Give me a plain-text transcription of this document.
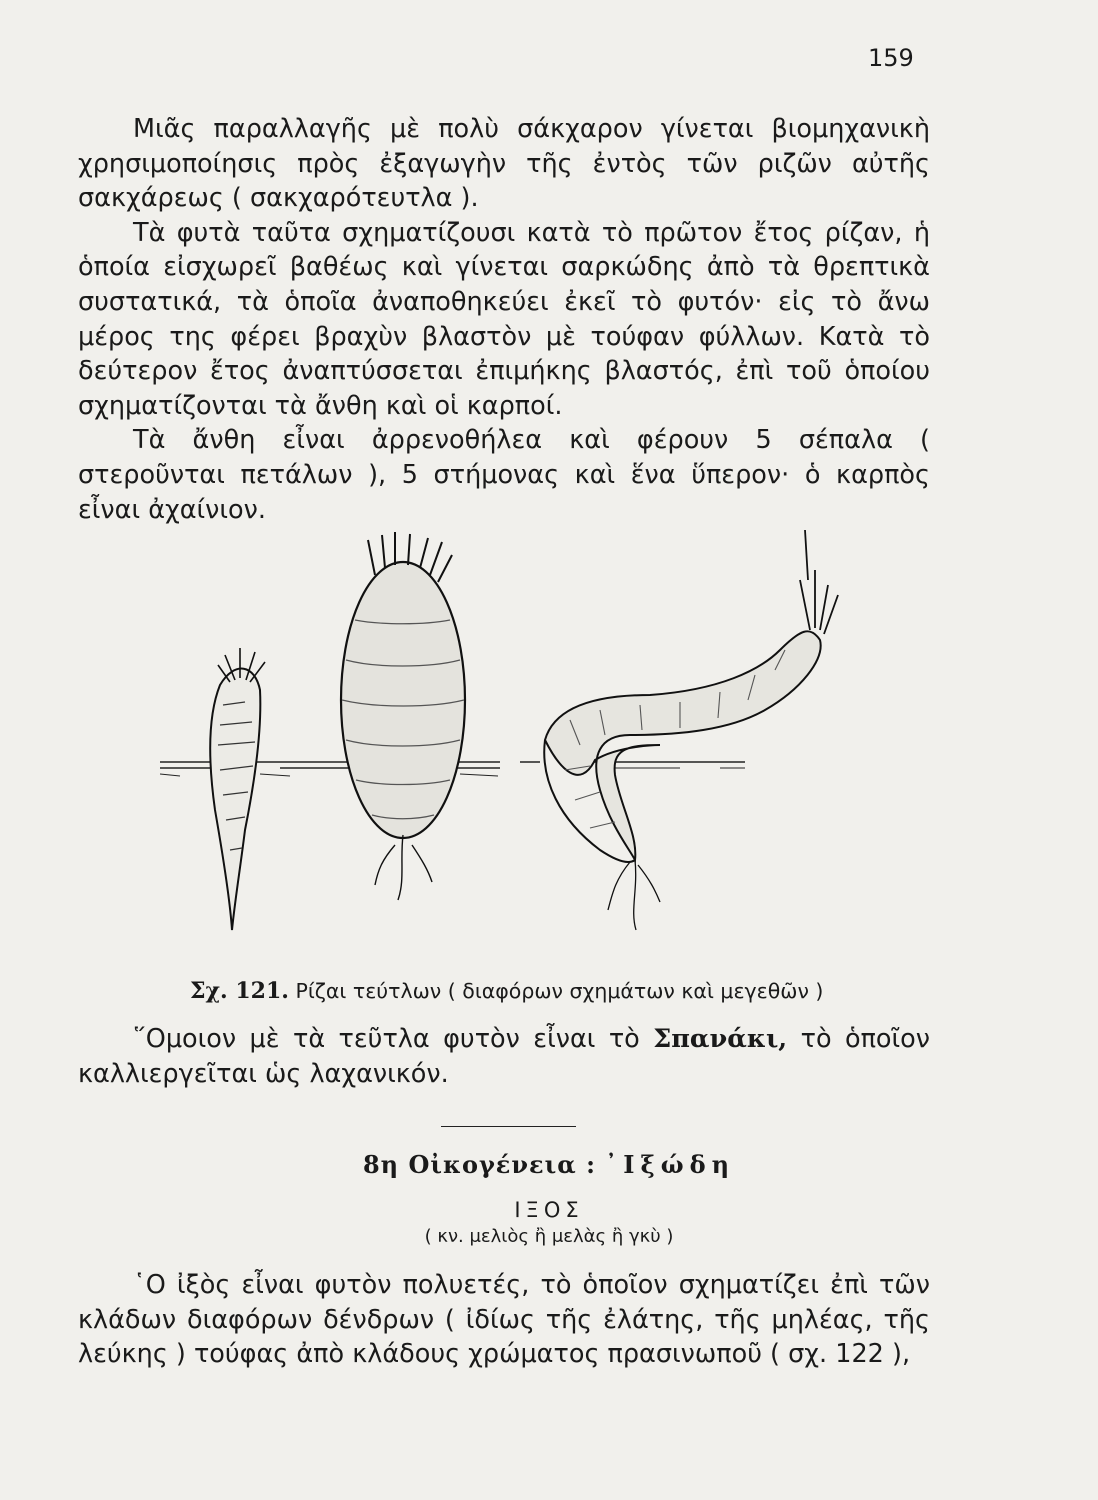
159

Μιᾶς παραλλαγῆς μὲ πολὺ σάκχαρον γίνεται βιομηχανικὴ χρησιμοποίησις πρὸς ἐξαγωγὴν τῆς ἐντὸς τῶν ριζῶν αὐτῆς σακχάρεως ( σακχαρότευτλα ).

Τὰ φυτὰ ταῦτα σχηματίζουσι κατὰ τὸ πρῶτον ἔτος ρίζαν, ἡ ὁποία εἰσχωρεῖ βαθέως καὶ γίνεται σαρκώδης ἀπὸ τὰ θρεπτικὰ συστατικά, τὰ ὁποῖα ἀναποθηκεύει ἐκεῖ τὸ φυτόν· εἰς τὸ ἄνω μέρος της φέρει βραχὺν βλαστὸν μὲ τούφαν φύλλων. Κατὰ τὸ δεύτερον ἔτος ἀναπτύσσεται ἐπιμήκης βλαστός, ἐπὶ τοῦ ὁποίου σχηματίζονται τὰ ἄνθη καὶ οἱ καρποί.

Τὰ ἄνθη εἶναι ἀρρενοθήλεα καὶ φέρουν 5 σέπαλα ( στεροῦνται πετάλων ), 5 στήμονας καὶ ἕνα ὕπερον· ὁ καρπὸς εἶναι ἀχαίνιον.

Σχ. 121. Ρίζαι τεύτλων ( διαφόρων σχημάτων καὶ μεγεθῶν )

῞Ομοιον μὲ τὰ τεῦτλα φυτὸν εἶναι τὸ Σπανάκι, τὸ ὁποῖον καλλιεργεῖται ὡς λαχανικόν.

8η Οἰκογένεια : ᾿Ιξώδη
ΙΞΟΣ
( κν. μελιὸς ἢ μελὰς ἢ γκὺ )

῾Ο ἰξὸς εἶναι φυτὸν πολυετές, τὸ ὁποῖον σχηματίζει ἐπὶ τῶν κλάδων διαφόρων δένδρων ( ἰδίως τῆς ἐλάτης, τῆς μηλέας, τῆς λεύκης ) τούφας ἀπὸ κλάδους χρώματος πρασινωποῦ ( σχ. 122 ),
